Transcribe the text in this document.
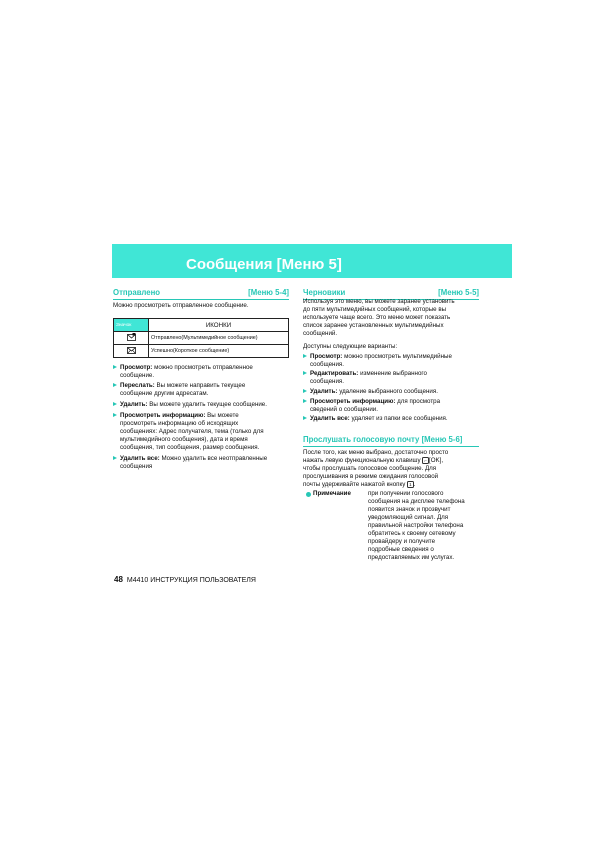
Сообщения [Меню 5]
Отправлено	[Меню 5-4]
Можно просмотреть отправленное сообщение.
Значок	ИКОНКИ
	Отправлено(Мультимедийное сообщение)
	Успешно(Короткое сообщение)
Просмотр: можно просмотреть отправленное
сообщение.
Переслать: Вы можете направить текущее
сообщение другим адресатам.
Удалить: Вы можете удалить текущее сообщение.
Просмотреть информацию: Вы можете
просмотреть информацию об исходящих
сообщениях: Адрес получателя, тема (только для
мультимедийного сообщения), дата и время
сообщения, тип сообщения, размер сообщения.
Удалить все: Можно удалить все неотправленные
сообщения
Черновики	[Меню 5-5]
Используя это меню, вы можете заранее установить
до пяти мультимедийных сообщений, которые вы
используете чаще всего. Это меню может показать
список заранее установленных мультимедийных
сообщений.
Доступны следующие варианты:
Просмотр: можно просмотреть мультимедийные
сообщения.
Редактировать: изменение выбранного
сообщения.
Удалить: удаление выбранного сообщения.
Просмотреть информацию: для просмотра
сведений о сообщении.
Удалить все: удаляет из папки все сообщения.
Прослушать голосовую почту [Меню 5-6]
После того, как меню выбрано, достаточно просто
нажать левую функциональную клавишу ⌐ [OK],
чтобы прослушать голосовое сообщение. Для
прослушивания в режиме ожидания голосовой
почты удерживайте нажатой кнопку 1 .
Примечание	при получении голосового
сообщения на дисплее телефона
появится значок и прозвучит
уведомляющий сигнал. Для
правильной настройки телефона
обратитесь к своему сетевому
провайдеру и получите
подробные сведения о
предоставляемых им услугах.
48 M4410 ИНСТРУКЦИЯ ПОЛЬЗОВАТЕЛЯ
